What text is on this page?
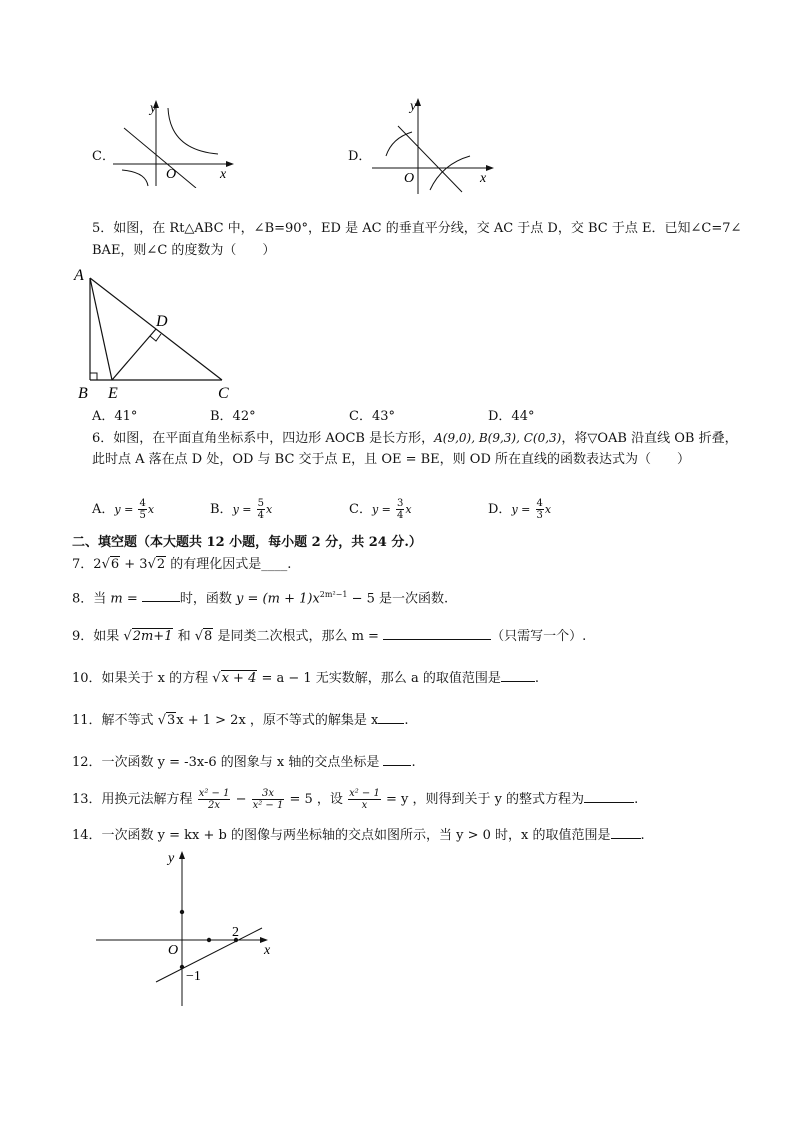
C．
y
x
O
D．
y
x
O
5．如图，在 Rt△ABC 中，∠B=90°，ED 是 AC 的垂直平分线，交 AC 于点 D，交 BC 于点 E．已知∠C=7∠
BAE，则∠C 的度数为（　　）
A
B E	C
D
A．41°	B．42°	C．43°	D．44°
6．如图，在平面直角坐标系中，四边形 AOCB 是长方形，A(9,0), B(9,3), C(0,3)，将▽OAB 沿直线 OB 折叠，
此时点 A 落在点 D 处，OD 与 BC 交于点 E，且 OE = BE，则 OD 所在直线的函数表达式为（　　）
A．$y = \frac{4}{5}$ x	B．$y = \frac{5}{4}$ x	C．$y = \frac{3}{4}$ x	D．$y = \frac{4}{3}$ x
二、填空题（本大题共 12 小题，每小题 2 分，共 24 分.）
7．2√6 + 3√2 的有理化因式是____.
8．当 m =	时，函数 $y = (m + 1)x^{2m^2-1} - 5$ 是一次函数.
9．如果 √2m+1 和 √8 是同类二次根式，那么 m =	（只需写一个）.
10．如果关于 x 的方程 √x + 4 = a − 1 无实数解，那么 a 的取值范围是	.
11．解不等式 √3x + 1 > 2x ，原不等式的解集是 x .
12．一次函数 y = -3x-6 的图象与 x 轴的交点坐标是 .
13．用换元法解方程 $\frac{\text{x² − 1}}{2x} - \frac{3x}{\text{x² − 1}} = 5$ ，设 $\frac{\text{x² − 1}}{x} = y$ ，则得到关于 y 的整式方程为	.
14．一次函数 y = kx + b 的图像与两坐标轴的交点如图所示，当 y > 0 时，x 的取值范围是 .
y
x
O
2
−1
